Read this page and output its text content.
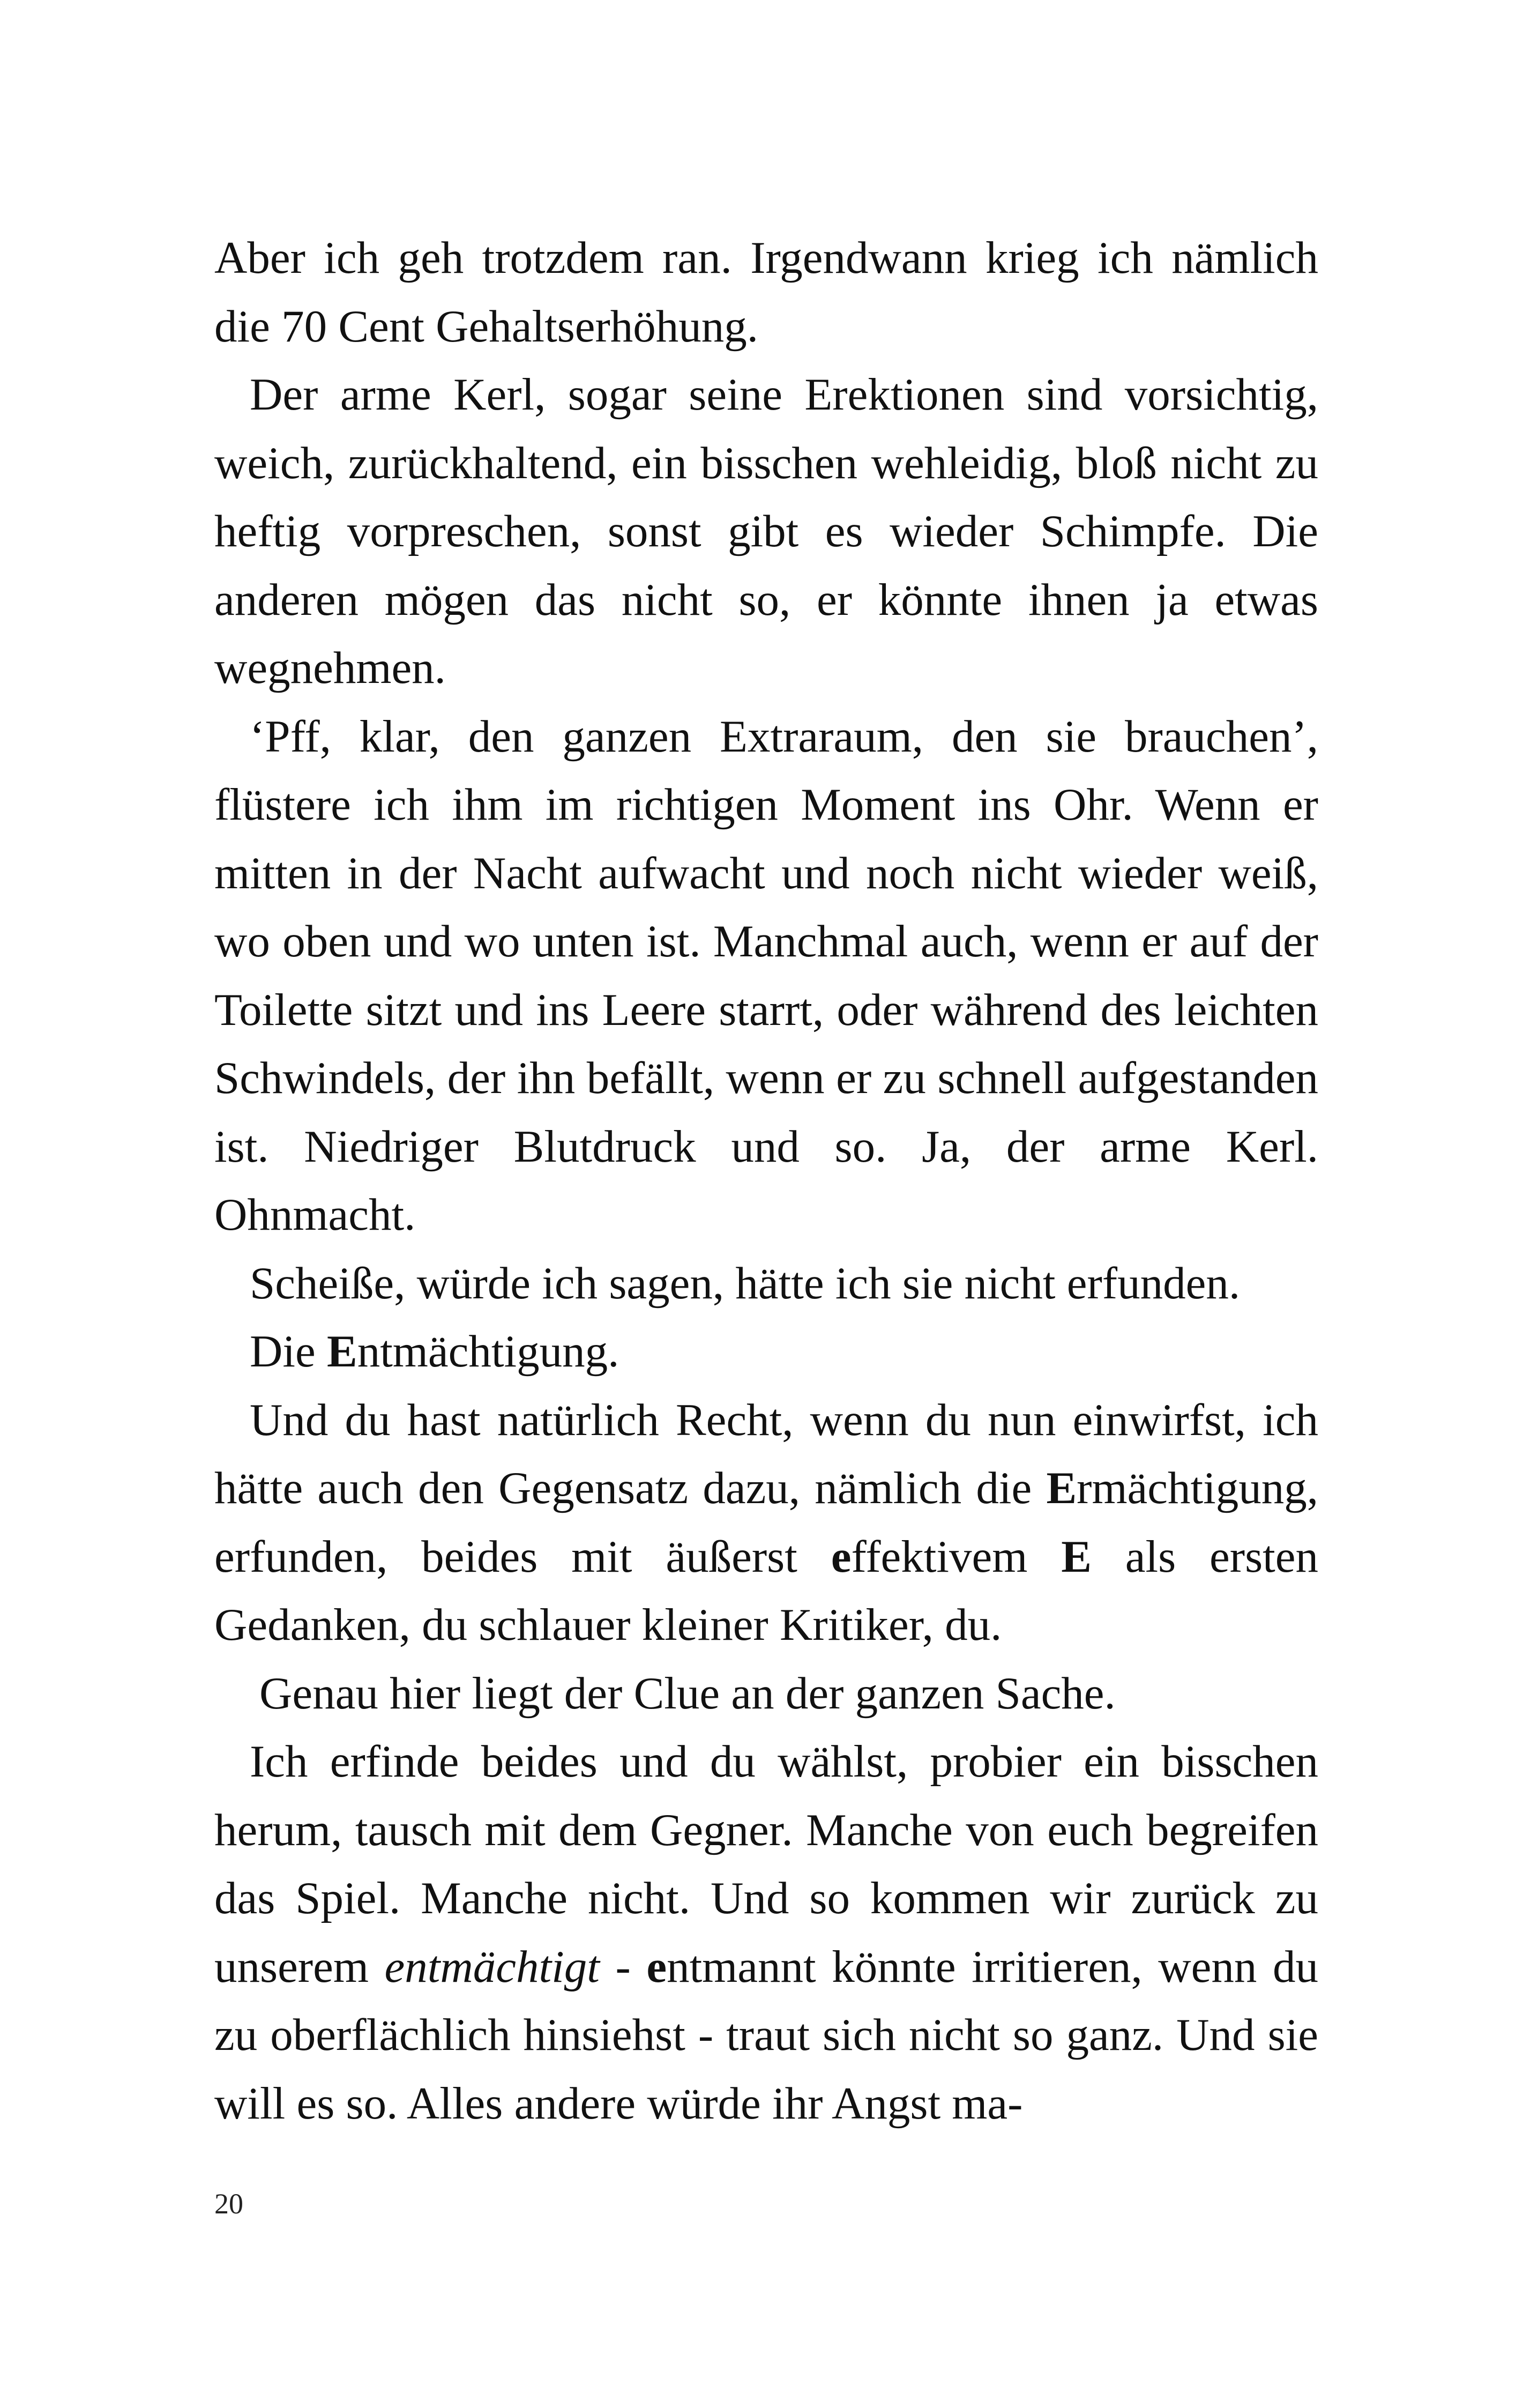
Aber ich geh trotzdem ran. Irgendwann krieg ich nämlich die 70 Cent Gehaltserhöhung.

Der arme Kerl, sogar seine Erektionen sind vorsichtig, weich, zurückhaltend, ein bisschen wehleidig, bloß nicht zu heftig vorpreschen, sonst gibt es wieder Schimpfe. Die anderen mögen das nicht so, er könnte ihnen ja etwas wegnehmen.

‘Pff, klar, den ganzen Extraraum, den sie brauchen’, flüstere ich ihm im richtigen Moment ins Ohr. Wenn er mitten in der Nacht aufwacht und noch nicht wieder weiß, wo oben und wo unten ist. Manchmal auch, wenn er auf der Toilette sitzt und ins Leere starrt, oder während des leichten Schwindels, der ihn befällt, wenn er zu schnell aufgestanden ist. Niedriger Blutdruck und so. Ja, der arme Kerl. Ohnmacht.

Scheiße, würde ich sagen, hätte ich sie nicht erfunden.

Die Entmächtigung.

Und du hast natürlich Recht, wenn du nun einwirfst, ich hätte auch den Gegensatz dazu, nämlich die Ermächtigung, erfunden, beides mit äußerst effektivem E als ersten Gedanken, du schlauer kleiner Kritiker, du.

Genau hier liegt der Clue an der ganzen Sache.

Ich erfinde beides und du wählst, probier ein bisschen herum, tausch mit dem Gegner. Manche von euch begreifen das Spiel. Manche nicht. Und so kommen wir zurück zu unserem entmächtigt - entmannt könnte irritieren, wenn du zu oberflächlich hinsiehst - traut sich nicht so ganz. Und sie will es so. Alles andere würde ihr Angst ma-

20
